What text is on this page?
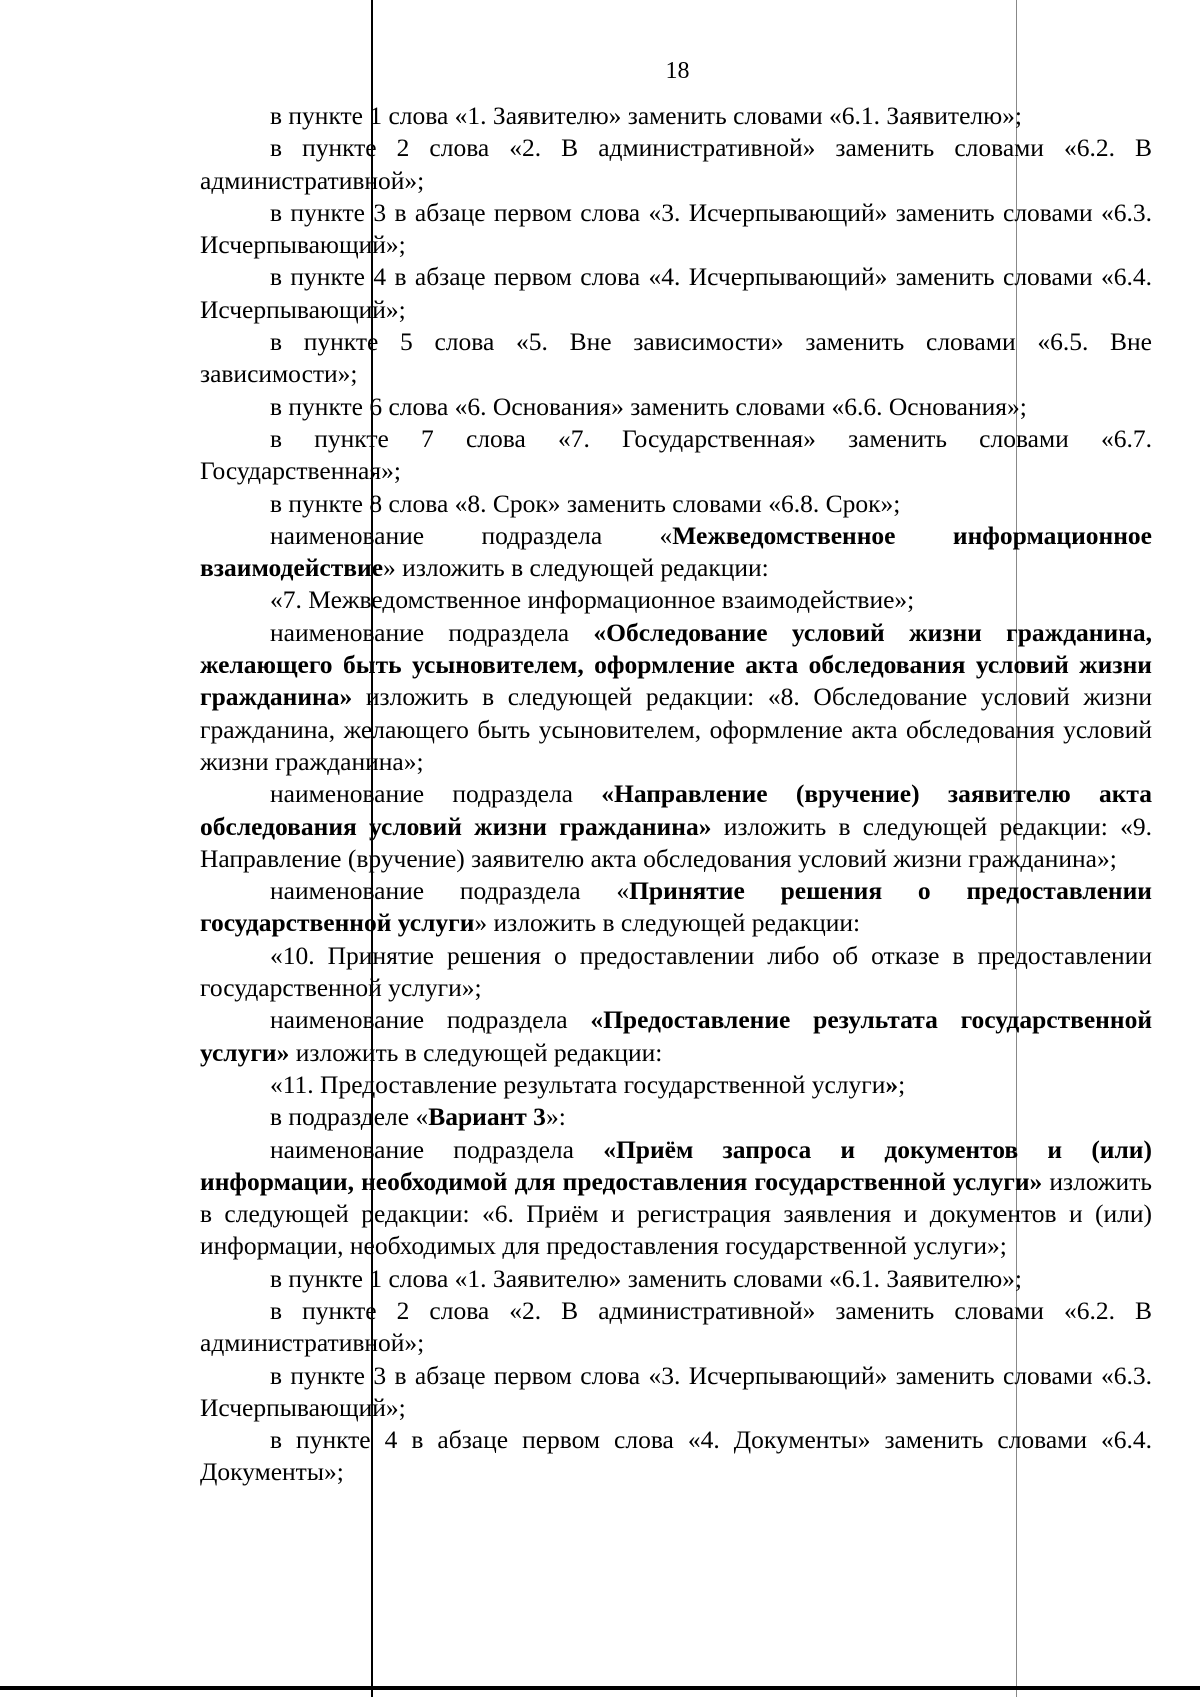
18

в пункте 1 слова «1. Заявителю» заменить словами «6.1. Заявителю»;

в пункте 2 слова «2. В административной» заменить словами «6.2. В административной»;

в пункте 3 в абзаце первом слова «3. Исчерпывающий» заменить словами «6.3. Исчерпывающий»;

в пункте 4 в абзаце первом слова «4. Исчерпывающий» заменить словами «6.4. Исчерпывающий»;

в пункте 5 слова «5. Вне зависимости» заменить словами «6.5. Вне зависимости»;

в пункте 6 слова «6. Основания» заменить словами «6.6. Основания»;

в пункте 7 слова «7. Государственная» заменить словами «6.7. Государственная»;

в пункте 8 слова «8. Срок» заменить словами «6.8. Срок»;

наименование подраздела «Межведомственное информационное взаимодействие» изложить в следующей редакции:

«7. Межведомственное информационное взаимодействие»;

наименование подраздела «Обследование условий жизни гражданина, желающего быть усыновителем, оформление акта обследования условий жизни гражданина» изложить в следующей редакции: «8. Обследование условий жизни гражданина, желающего быть усыновителем, оформление акта обследования условий жизни гражданина»;

наименование подраздела «Направление (вручение) заявителю акта обследования условий жизни гражданина» изложить в следующей редакции: «9. Направление (вручение) заявителю акта обследования условий жизни гражданина»;

наименование подраздела «Принятие решения о предоставлении государственной услуги» изложить в следующей редакции:

«10. Принятие решения о предоставлении либо об отказе в предоставлении государственной услуги»;

наименование подраздела «Предоставление результата государственной услуги» изложить в следующей редакции:

«11. Предоставление результата государственной услуги»;

в подразделе «Вариант 3»:

наименование подраздела «Приём запроса и документов и (или) информации, необходимой для предоставления государственной услуги» изложить в следующей редакции: «6. Приём и регистрация заявления и документов и (или) информации, необходимых для предоставления государственной услуги»;

в пункте 1 слова «1. Заявителю» заменить словами «6.1. Заявителю»;

в пункте 2 слова «2. В административной» заменить словами «6.2. В административной»;

в пункте 3 в абзаце первом слова «3. Исчерпывающий» заменить словами «6.3. Исчерпывающий»;

в пункте 4 в абзаце первом слова «4. Документы» заменить словами «6.4. Документы»;
